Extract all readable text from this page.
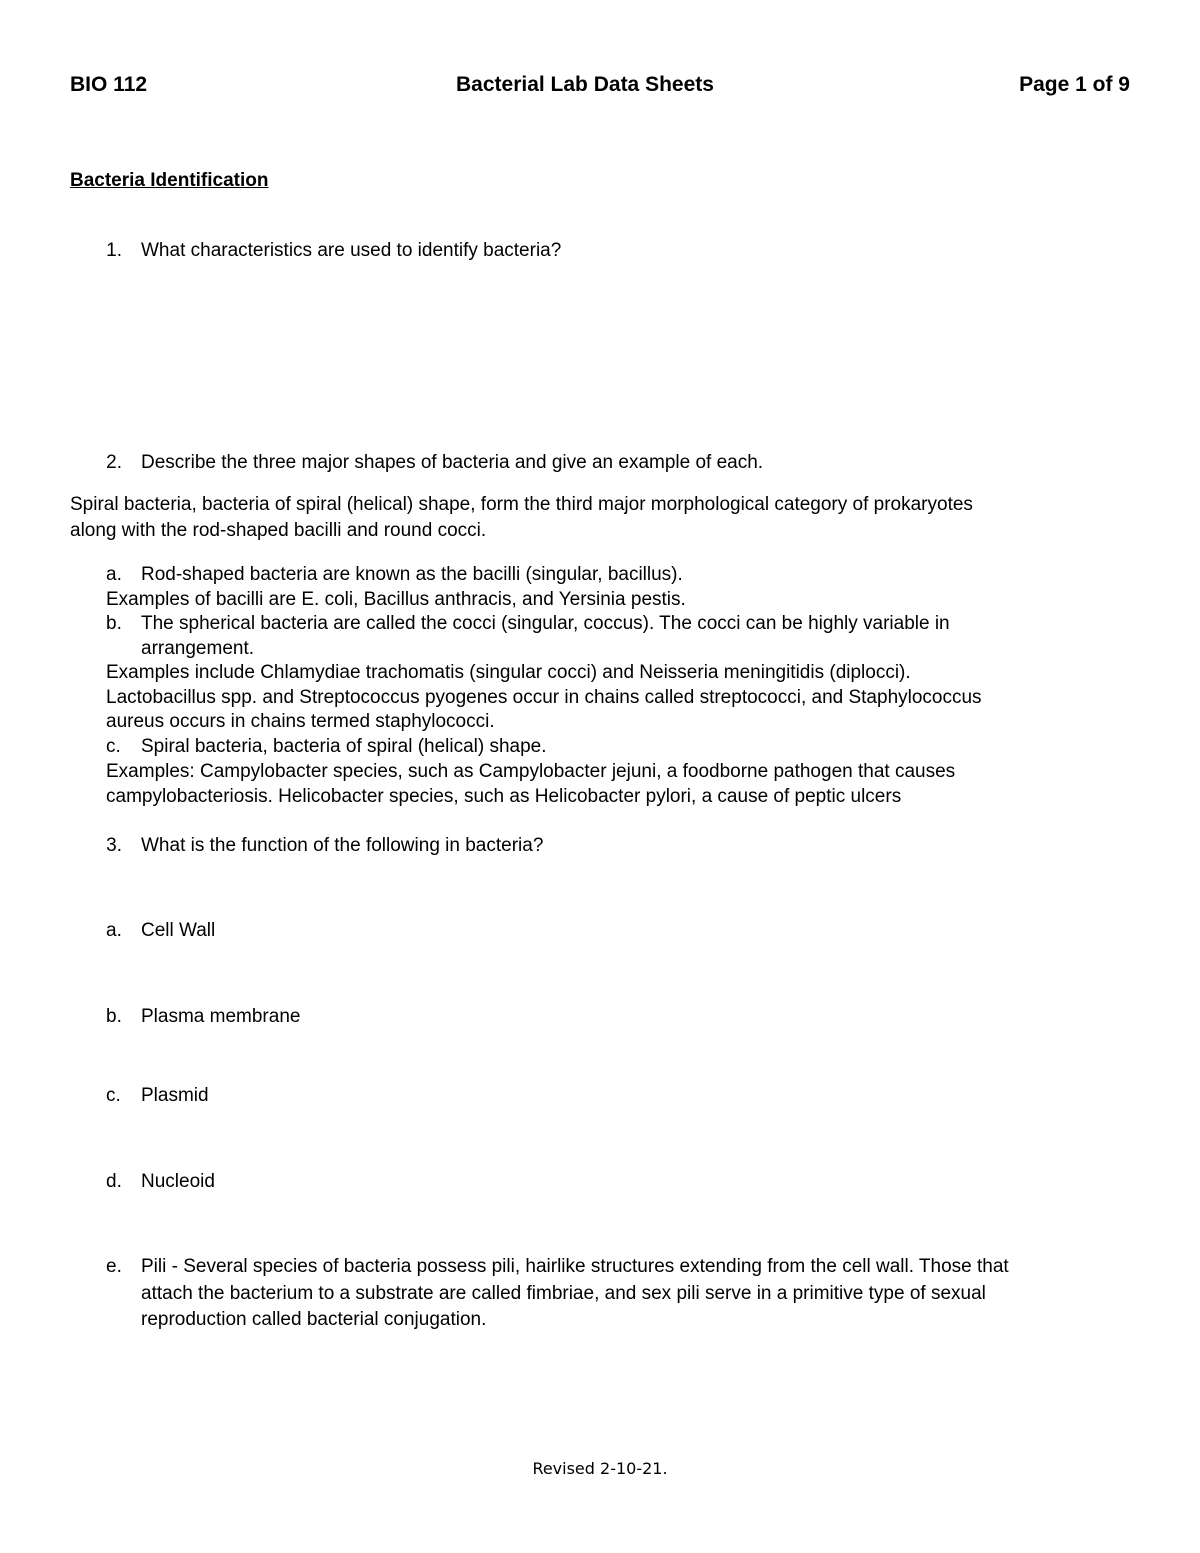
BIO 112	Bacterial Lab Data Sheets	Page 1 of 9
Bacteria Identification
1. What characteristics are used to identify bacteria?
2. Describe the three major shapes of bacteria and give an example of each.
Spiral bacteria, bacteria of spiral (helical) shape, form the third major morphological category of prokaryotes
along with the rod-shaped bacilli and round cocci.
a. Rod-shaped bacteria are known as the bacilli (singular, bacillus).
Examples of bacilli are E. coli, Bacillus anthracis, and Yersinia pestis.
b. The spherical bacteria are called the cocci (singular, coccus). The cocci can be highly variable in
arrangement.
Examples include Chlamydiae trachomatis (singular cocci) and Neisseria meningitidis (diplocci).
Lactobacillus spp. and Streptococcus pyogenes occur in chains called streptococci, and Staphylococcus
aureus occurs in chains termed staphylococci.
c. Spiral bacteria, bacteria of spiral (helical) shape.
Examples: Campylobacter species, such as Campylobacter jejuni, a foodborne pathogen that causes
campylobacteriosis. Helicobacter species, such as Helicobacter pylori, a cause of peptic ulcers
3. What is the function of the following in bacteria?
a. Cell Wall
b. Plasma membrane
c. Plasmid
d. Nucleoid
e. Pili - Several species of bacteria possess pili, hairlike structures extending from the cell wall. Those that
attach the bacterium to a substrate are called fimbriae, and sex pili serve in a primitive type of sexual
reproduction called bacterial conjugation.
Revised 2-10-21.
